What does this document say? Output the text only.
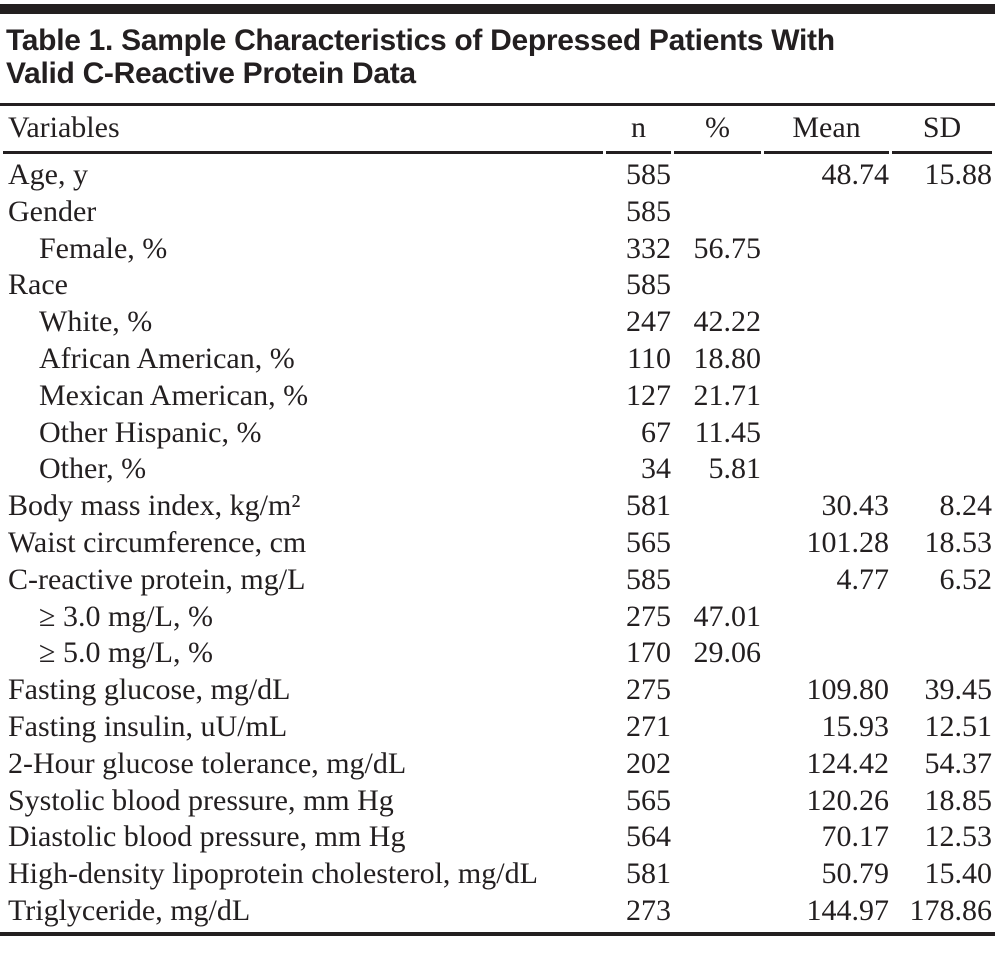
Table 1. Sample Characteristics of Depressed Patients With
Valid C-Reactive Protein Data
Variables	n	%	Mean	SD
Age, y	585		48.74	15.88
Gender	585			
Female, %	332	56.75		
Race	585			
White, %	247	42.22		
African American, %	110	18.80		
Mexican American, %	127	21.71		
Other Hispanic, %	67	11.45		
Other, %	34	5.81		
Body mass index, kg/m²	581		30.43	8.24
Waist circumference, cm	565		101.28	18.53
C-reactive protein, mg/L	585		4.77	6.52
≥ 3.0 mg/L, %	275	47.01		
≥ 5.0 mg/L, %	170	29.06		
Fasting glucose, mg/dL	275		109.80	39.45
Fasting insulin, uU/mL	271		15.93	12.51
2-Hour glucose tolerance, mg/dL	202		124.42	54.37
Systolic blood pressure, mm Hg	565		120.26	18.85
Diastolic blood pressure, mm Hg	564		70.17	12.53
High-density lipoprotein cholesterol, mg/dL	581		50.79	15.40
Triglyceride, mg/dL	273		144.97	178.86
